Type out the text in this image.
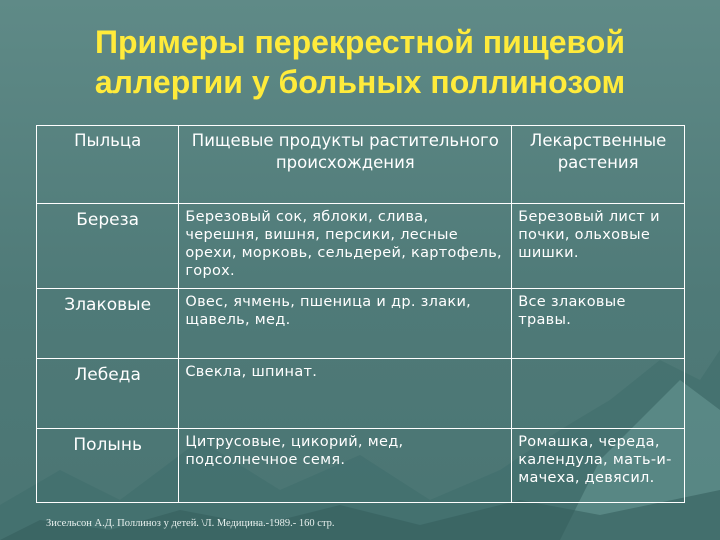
Примеры перекрестной пищевой
аллергии у больных поллинозом
Пыльца	Пищевые продукты растительного происхождения	Лекарственные растения
Береза	Березовый сок, яблоки, слива, черешня, вишня, персики, лесные орехи, морковь, сельдерей, картофель, горох.	Березовый лист и почки, ольховые шишки.
Злаковые	Овес, ячмень, пшеница и др. злаки, щавель, мед.	Все злаковые травы.
Лебеда	Свекла, шпинат.	
Полынь	Цитрусовые, цикорий, мед, подсолнечное семя.	Ромашка, череда, календула, мать-и-мачеха, девясил.
Зисельсон А.Д. Поллиноз у детей. \Л. Медицина.-1989.- 160 стр.
